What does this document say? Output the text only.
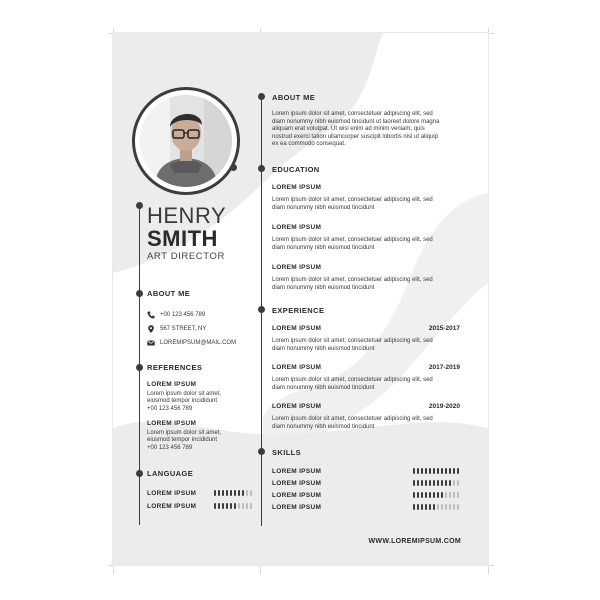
HENRY
SMITH
ART DIRECTOR
ABOUT ME
+00 123 456 789
567 STREET, NY
LOREMIPSUM@MAIL.COM
REFERENCES
LOREM IPSUM
Lorem ipsum dolor sit amet,
eiusmod tempor incididunt
+00 123 456 789
LOREM IPSUM
Lorem ipsum dolor sit amet,
eiusmod tempor incididunt
+00 123 456 789
LANGUAGE
LOREM IPSUM
LOREM IPSUM
ABOUT ME
Lorem ipsum dolor sit amet, consectetuer adipiscing elit, sed
diam nonummy nibh euismod tincidunt ut laoreet dolore magna
aliquam erat volutpat. Ut wisi enim ad minim veniam, quis
nostrud exerci tation ullamcorper suscipit lobortis nisl ut aliquip
ex ea commodo consequat.
EDUCATION
LOREM IPSUM
Lorem ipsum dolor sit amet, consectetuer adipiscing elit, sed
diam nonummy nibh euismod tincidunt
LOREM IPSUM
Lorem ipsum dolor sit amet, consectetuer adipiscing elit, sed
diam nonummy nibh euismod tincidunt
LOREM IPSUM
Lorem ipsum dolor sit amet, consectetuer adipiscing elit, sed
diam nonummy nibh euismod tincidunt
EXPERIENCE
LOREM IPSUM	2015-2017
Lorem ipsum dolor sit amet, consectetuer adipiscing elit, sed
diam nonummy nibh euismod tincidunt
LOREM IPSUM	2017-2019
Lorem ipsum dolor sit amet, consectetuer adipiscing elit, sed
diam nonummy nibh euismod tincidunt
LOREM IPSUM	2019-2020
Lorem ipsum dolor sit amet, consectetuer adipiscing elit, sed
diam nonummy nibh euismod tincidunt
SKILLS
LOREM IPSUM
LOREM IPSUM
LOREM IPSUM
LOREM IPSUM
WWW.LOREMIPSUM.COM
